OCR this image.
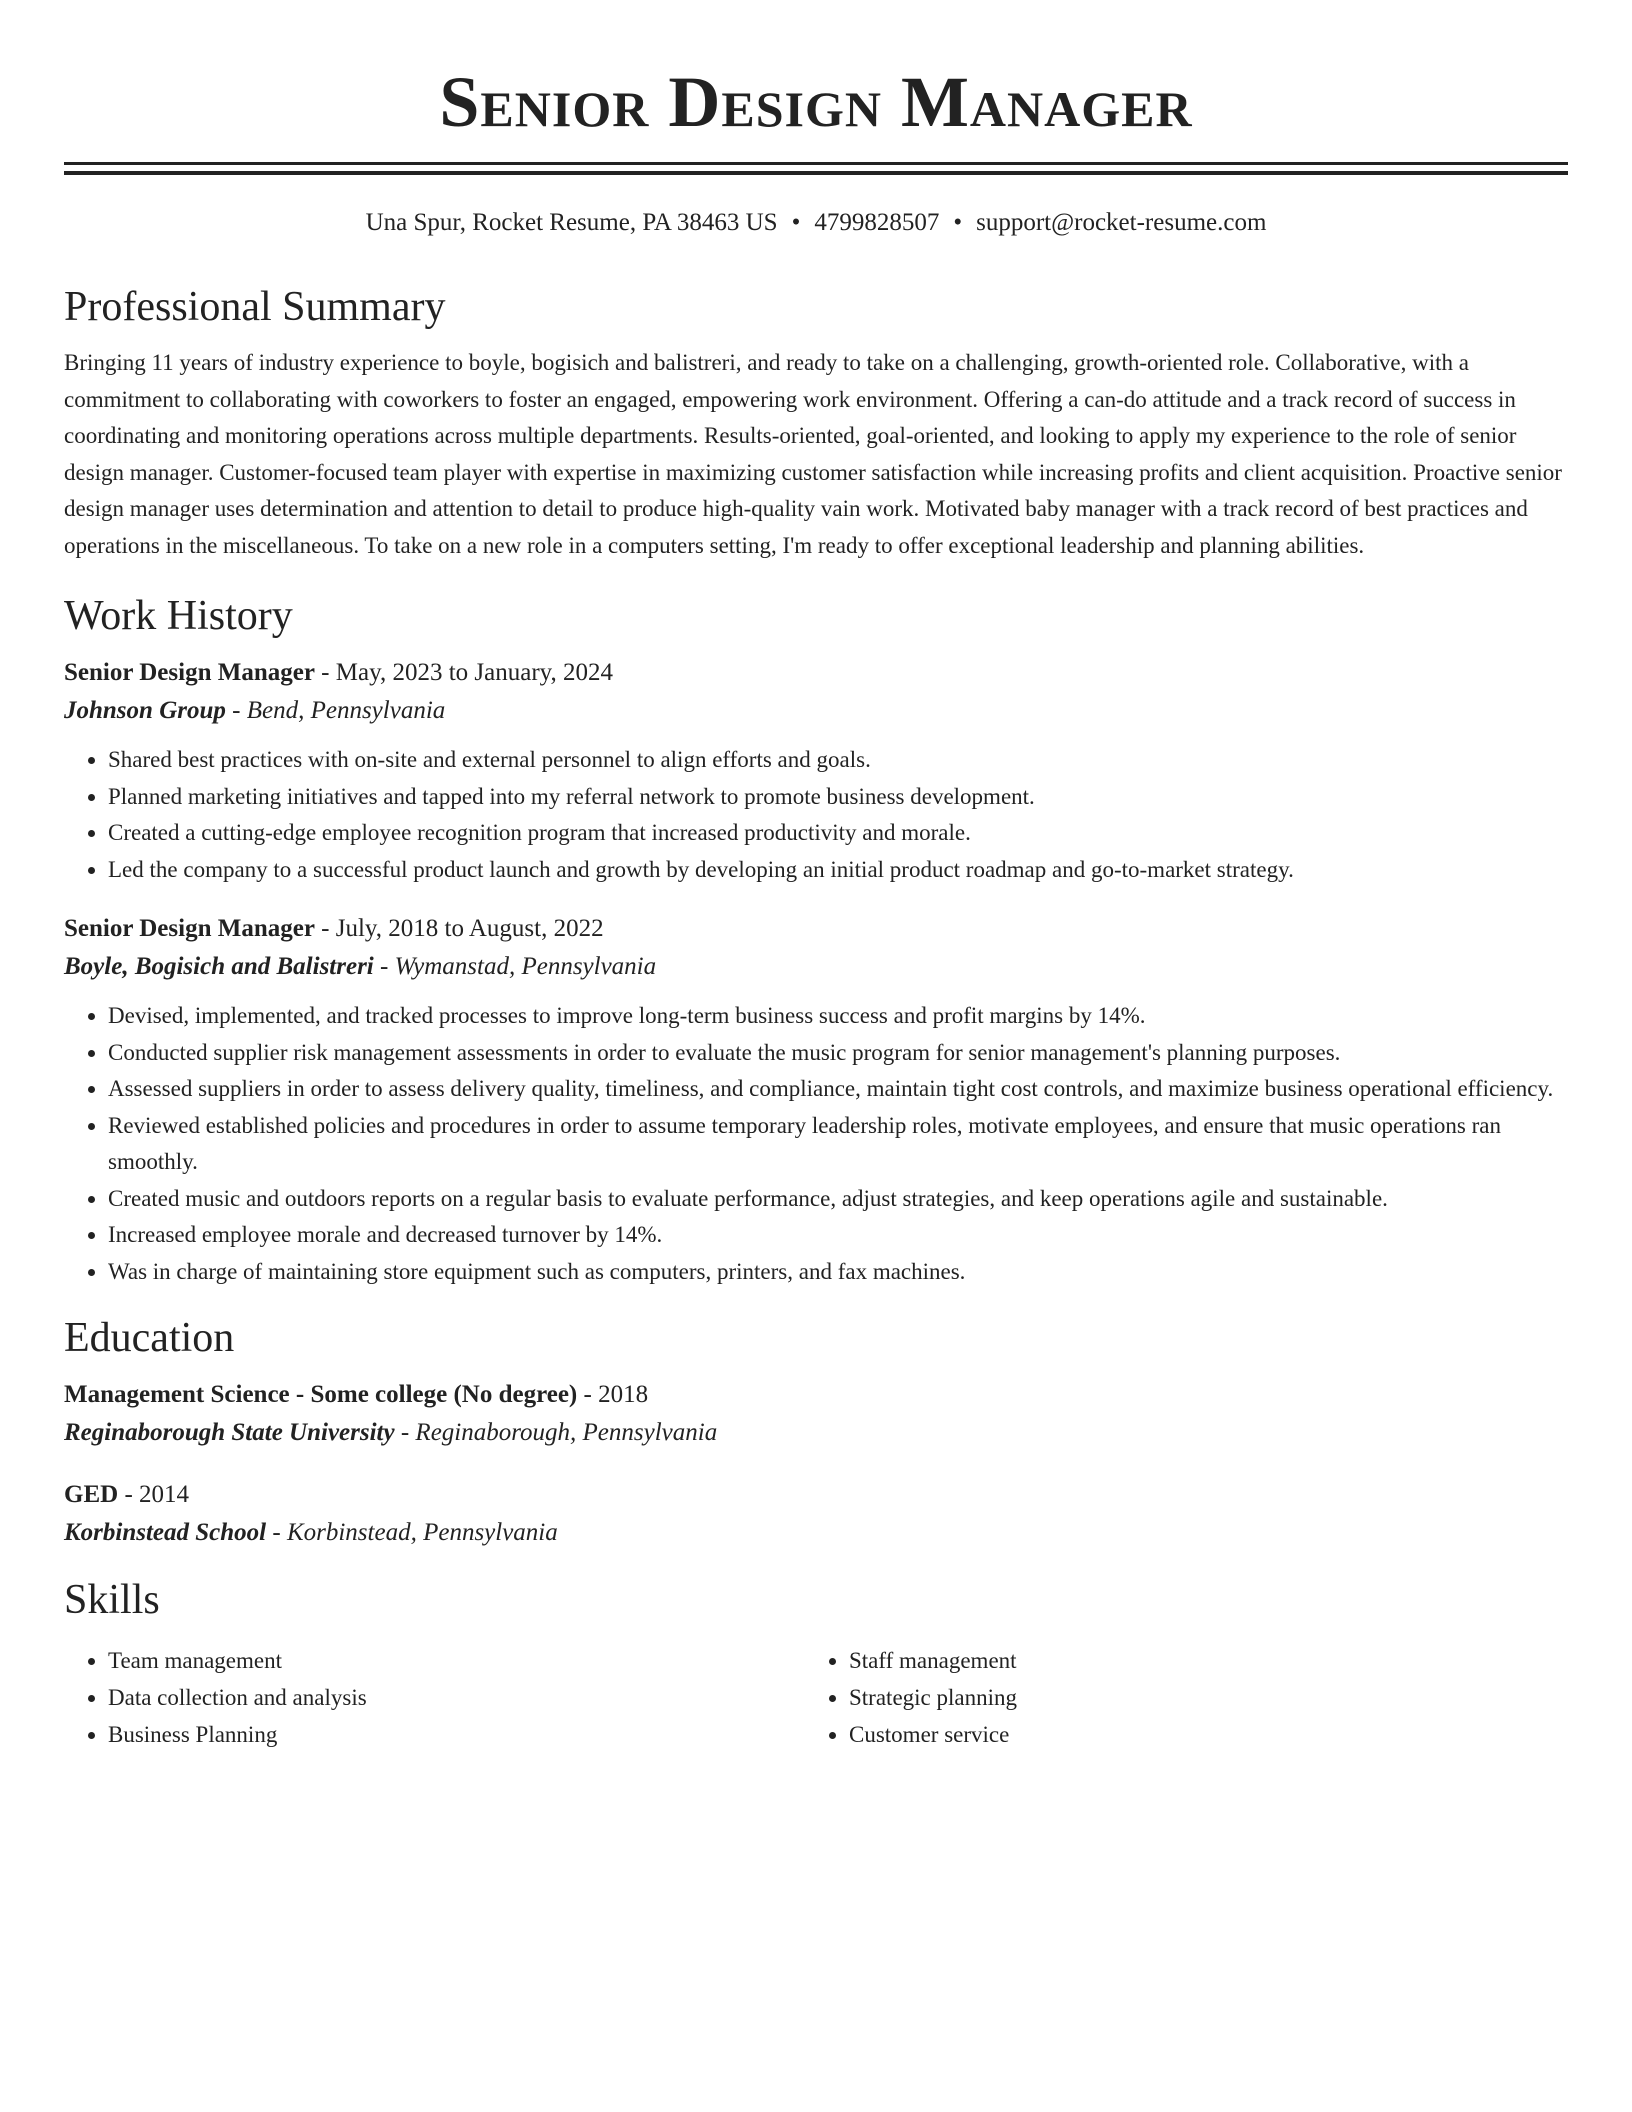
Senior Design Manager
Una Spur, Rocket Resume, PA 38463 US • 4799828507 • support@rocket-resume.com
Professional Summary
Bringing 11 years of industry experience to boyle, bogisich and balistreri, and ready to take on a challenging, growth-oriented role. Collaborative, with a commitment to collaborating with coworkers to foster an engaged, empowering work environment. Offering a can-do attitude and a track record of success in coordinating and monitoring operations across multiple departments. Results-oriented, goal-oriented, and looking to apply my experience to the role of senior design manager. Customer-focused team player with expertise in maximizing customer satisfaction while increasing profits and client acquisition. Proactive senior design manager uses determination and attention to detail to produce high-quality vain work. Motivated baby manager with a track record of best practices and operations in the miscellaneous. To take on a new role in a computers setting, I'm ready to offer exceptional leadership and planning abilities.
Work History
Senior Design Manager - May, 2023 to January, 2024
Johnson Group - Bend, Pennsylvania
• Shared best practices with on-site and external personnel to align efforts and goals.
• Planned marketing initiatives and tapped into my referral network to promote business development.
• Created a cutting-edge employee recognition program that increased productivity and morale.
• Led the company to a successful product launch and growth by developing an initial product roadmap and go-to-market strategy.
Senior Design Manager - July, 2018 to August, 2022
Boyle, Bogisich and Balistreri - Wymanstad, Pennsylvania
• Devised, implemented, and tracked processes to improve long-term business success and profit margins by 14%.
• Conducted supplier risk management assessments in order to evaluate the music program for senior management's planning purposes.
• Assessed suppliers in order to assess delivery quality, timeliness, and compliance, maintain tight cost controls, and maximize business operational efficiency.
• Reviewed established policies and procedures in order to assume temporary leadership roles, motivate employees, and ensure that music operations ran smoothly.
• Created music and outdoors reports on a regular basis to evaluate performance, adjust strategies, and keep operations agile and sustainable.
• Increased employee morale and decreased turnover by 14%.
• Was in charge of maintaining store equipment such as computers, printers, and fax machines.
Education
Management Science - Some college (No degree) - 2018
Reginaborough State University - Reginaborough, Pennsylvania
GED - 2014
Korbinstead School - Korbinstead, Pennsylvania
Skills
• Team management
• Data collection and analysis
• Business Planning
• Staff management
• Strategic planning
• Customer service
